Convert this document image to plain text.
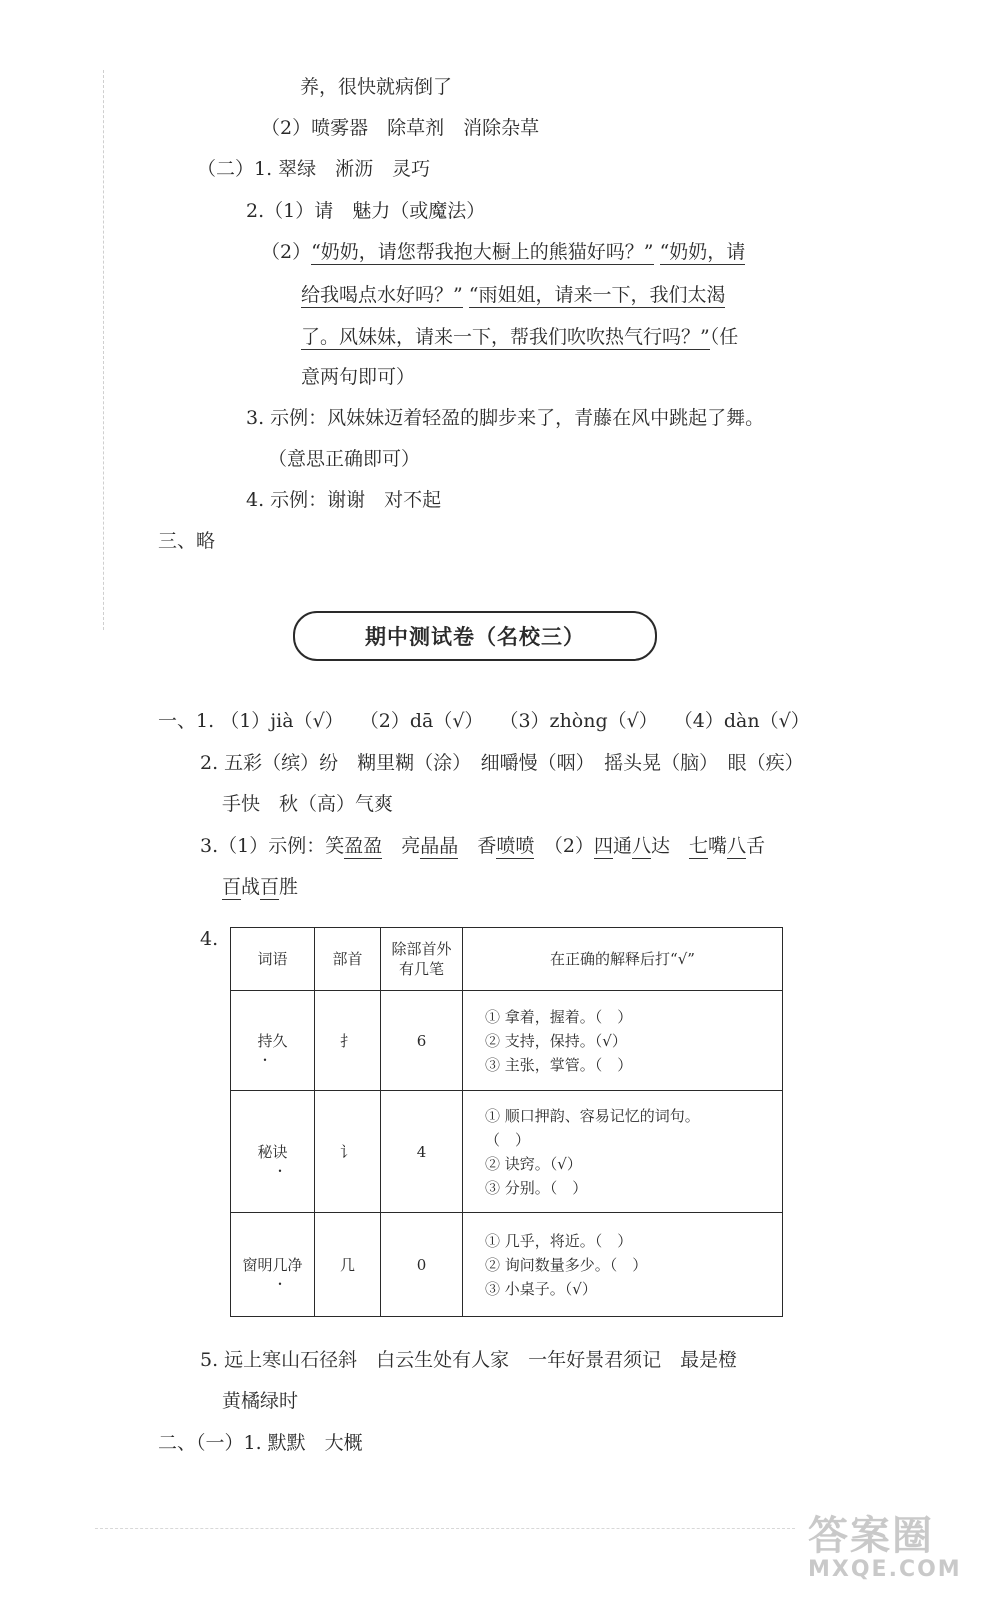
养，很快就病倒了
（2）喷雾器　除草剂　消除杂草
（二）1. 翠绿　淅沥　灵巧
2.（1）请　魅力（或魔法）
（2）“奶奶，请您帮我抱大橱上的熊猫好吗？” “奶奶，请
给我喝点水好吗？” “雨姐姐，请来一下，我们太渴
了。风妹妹，请来一下，帮我们吹吹热气行吗？”（任
意两句即可）
3. 示例：风妹妹迈着轻盈的脚步来了，青藤在风中跳起了舞。
（意思正确即可）
4. 示例：谢谢　对不起
三、略
期中测试卷（名校三）
一、1. （1）jià（√） （2）dā（√） （3）zhòng（√） （4）dàn（√）
2. 五彩（缤）纷　糊里糊（涂）　细嚼慢（咽）　摇头晃（脑）　眼（疾）
手快　秋（高）气爽
3.（1）示例：笑盈盈　 亮晶晶　 香喷喷　 （2）四通八达　 七嘴八舌
百战百胜
4.
词语	部首	除部首外有几笔	在正确的解释后打“√”
持久	扌	6	① 拿着，握着。（　）
② 支持，保持。（√）
③ 主张，掌管。（　）

秘诀	讠	4	① 顺口押韵、容易记忆的词句。
（　）
② 诀窍。（√）
③ 分别。（　）

窗明几净	几	0	① 几乎，将近。（　）
② 询问数量多少。（　）
③ 小桌子。（√）
5. 远上寒山石径斜　白云生处有人家　一年好景君须记　最是橙
黄橘绿时
二、（一）1. 默默　大概
答案圈
MXQE.COM
